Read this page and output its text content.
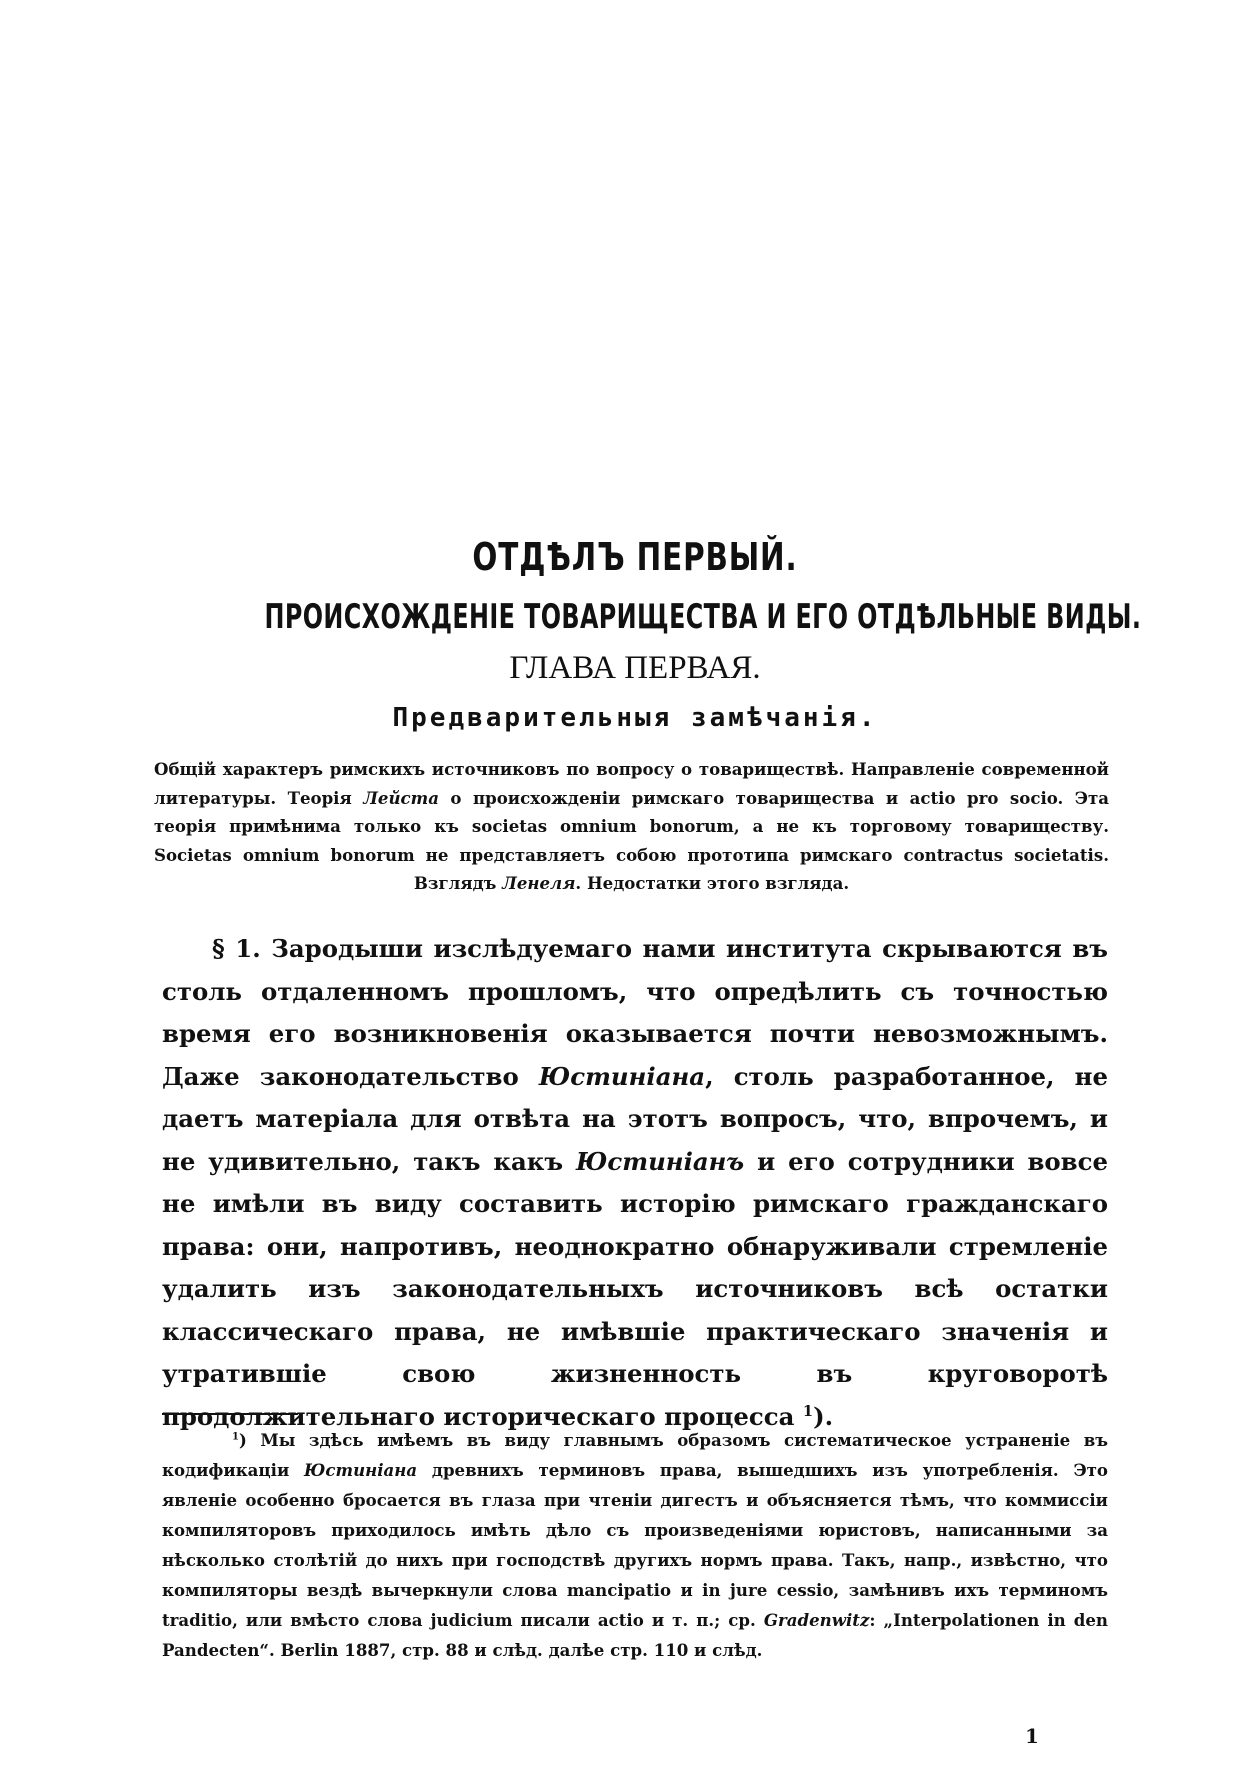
ОТДѢЛЪ ПЕРВЫЙ.
ПРОИСХОЖДЕНIЕ ТОВАРИЩЕСТВА И ЕГО ОТДѢЛЬНЫЕ ВИДЫ.
ГЛАВА ПЕРВАЯ.
Предварительныя замѣчанiя.
Общiй характеръ римскихъ источниковъ по вопросу о товариществѣ. Направленiе современной литературы. Теорiя Лейста о происхожденiи римскаго товарищества и actio pro socio. Эта теорiя примѣнима только къ societas omnium bonorum, а не къ торговому товариществу. Societas omnium bonorum не представляетъ собою прототипа римскаго contractus societatis. Взглядъ Ленеля. Недостатки этого взгляда.
§ 1. Зародыши изслѣдуемаго нами института скрываются въ столь отдаленномъ прошломъ, что опредѣлить съ точностью время его возникновенiя оказывается почти невозможнымъ. Даже законодательство Юстинiана, столь разработанное, не даетъ матерiала для отвѣта на этотъ вопросъ, что, впрочемъ, и не удивительно, такъ какъ Юстинiанъ и его сотрудники вовсе не имѣли въ виду составить исторiю римскаго гражданскаго права: они, напротивъ, неоднократно обнаруживали стремленiе удалить изъ законодательныхъ источниковъ всѣ остатки классическаго права, не имѣвшiе практическаго значенiя и утратившiе свою жизненность въ круговоротѣ продолжительнаго историческаго процесса $^1$).
$^1$) Мы здѣсь имѣемъ въ виду главнымъ образомъ систематическое устраненiе въ кодификацiи Юстинiана древнихъ терминовъ права, вышедшихъ изъ употребленiя. Это явленiе особенно бросается въ глаза при чтенiи дигестъ и объясняется тѣмъ, что коммиссiи компиляторовъ приходилось имѣть дѣло съ произведенiями юристовъ, написанными за нѣсколько столѣтiй до нихъ при господствѣ другихъ нормъ права. Такъ, напр., извѣстно, что компиляторы вездѣ вычеркнули слова mancipatio и in jure cessio, замѣнивъ ихъ терминомъ traditio, или вмѣсто слова judicium писали actio и т. п.; ср. Gradenwitz: „Interpolationen in den Pandecten“. Berlin 1887, стр. 88 и слѣд. далѣе стр. 110 и слѣд.
1
